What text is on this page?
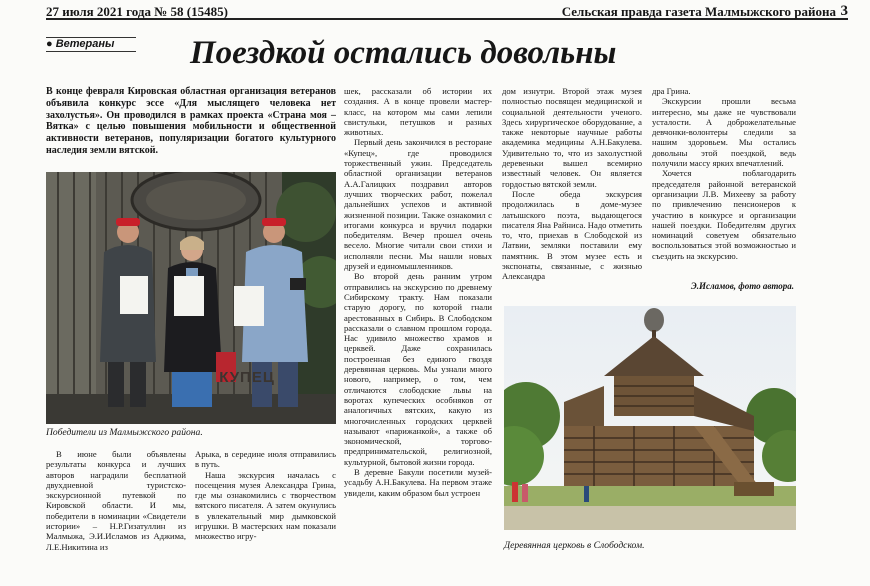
27 июля 2021 года № 58 (15485)	Сельская правда газета Малмыжского района 3
● Ветераны	Поездкой остались довольны
В конце февраля Кировская областная организация ветеранов объявила конкурс эссе «Для мыслящего человека нет захолустья». Он проводился в рамках проекта «Страна моя – Вятка» с целью повышения мобильности и общественной активности ветеранов, популяризации богатого культурного наследия земли вятской.
КУПЕЦ
Победители из Малмыжского района.

В июне были объявлены результаты конкурса и лучших авторов наградили бесплатной двухдневной туристско-экскурсионной путевкой по Кировской области. И мы, победители в номинации «Свидетели истории» – Н.Р.Гизатуллин из Малмыжа, Э.И.Исламов из Аджима, Л.Е.Никитина из

Арыка, в середине июля отправились в путь.

Наша экскурсия началась с посещения музея Александра Грина, где мы ознакомились с творчеством вятского писателя. А затем окунулись в увлекательный мир дымковской игрушки. В мастерских нам показали множество игру-

шек, рассказали об истории их создания. А в конце провели мастер-класс, на котором мы сами лепили свистульки, петушков и разных животных.

Первый день закончился в ресторане «Купец», где проводился торжественный ужин. Председатель областной организации ветеранов А.А.Галицких поздравил авторов лучших творческих работ, пожелал дальнейших успехов и активной жизненной позиции. Также ознакомил с итогами конкурса и вручил подарки победителям. Вечер прошел очень весело. Многие читали свои стихи и исполняли песни. Мы нашли новых друзей и единомышленников.

Во второй день ранним утром отправились на экскурсию по древнему Сибирскому тракту. Нам показали старую дорогу, по которой гнали арестованных в Сибирь. В Слободском рассказали о славном прошлом города. Нас удивило множество храмов и церквей. Даже сохранилась построенная без единого гвоздя деревянная церковь. Мы узнали много нового, например, о том, чем отличаются слободские львы на воротах купеческих особняков от аналогичных вятских, какую из многочисленных городских церквей называют «парижанкой», а также об экономической, торгово-предпринимательской, религиозной, культурной, бытовой жизни города.

В деревне Бакули посетили музей-усадьбу А.Н.Бакулева. На первом этаже увидели, каким образом был устроен

дом изнутри. Второй этаж музея полностью посвящен медицинской и социальной деятельности ученого. Здесь хирургическое оборудование, а также некоторые научные работы академика медицины А.Н.Бакулева. Удивительно то, что из захолустной деревеньки вышел всемирно известный человек. Он является гордостью вятской земли.

После обеда экскурсия продолжилась в доме-музее латышского поэта, выдающегося писателя Яна Райниса. Надо отметить то, что, приехав в Слободской из Латвии, земляки поставили ему памятник. В этом музее есть и экспонаты, связанные, с жизнью Александра

дра Грина.

Экскурсии прошли весьма интересно, мы даже не чувствовали усталости. А доброжелательные девчонки-волонтеры следили за нашим здоровьем. Мы остались довольны этой поездкой, ведь получили массу ярких впечатлений.

Хочется поблагодарить председателя районной ветеранской организации Л.В. Михееву за работу по привлечению пенсионеров к участию в конкурсе и организации нашей поездки. Победителям других номинаций советуем обязательно воспользоваться этой возможностью и съездить на экскурсию.

Э.Исламов, фото автора.
Деревянная церковь в Слободском.
